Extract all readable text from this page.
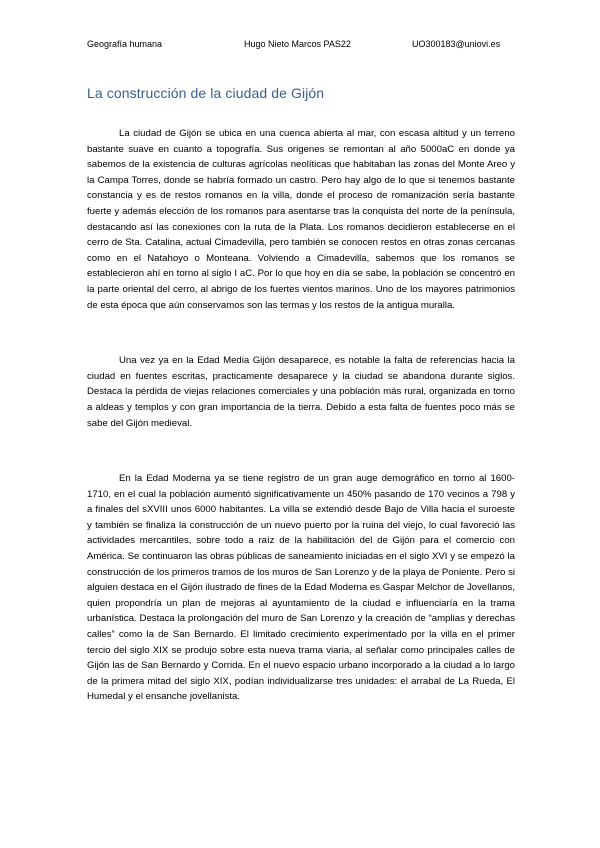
Geografía humana	Hugo Nieto Marcos PAS22	UO300183@uniovi.es
La construcción de la ciudad de Gijón

La ciudad de Gijón se ubica en una cuenca abierta al mar, con escasa altitud y un terreno bastante suave en cuanto a topografía. Sus origenes se remontan al año 5000aC en donde ya sabemos de la existencia de culturas agrícolas neolíticas que habitaban las zonas del Monte Areo y la Campa Torres, donde se habría formado un castro. Pero hay algo de lo que si tenemos bastante constancia y es de restos romanos en la villa, donde el proceso de romanización sería bastante fuerte y además elección de los romanos para asentarse tras la conquista del norte de la península, destacando así las conexiones con la ruta de la Plata. Los romanos decidieron establecerse en el cerro de Sta. Catalina, actual Cimadevilla, pero también se conocen restos en otras zonas cercanas como en el Natahoyo o Monteana. Volviendo a Cimadevilla, sabemos que los romanos se establecieron ahí en torno al siglo I aC. Por lo que hoy en día se sabe, la población se concentró en la parte oriental del cerro, al abrigo de los fuertes vientos marinos. Uno de los mayores patrimonios de esta época que aún conservamos son las termas y los restos de la antigua muralla.

Una vez ya en la Edad Media Gijón desaparece, es notable la falta de referencias hacia la ciudad en fuentes escritas, practicamente desaparece y la ciudad se abandona durante siglos. Destaca la pérdida de viejas relaciones comerciales y una población más rural, organizada en torno a aldeas y templos y con gran importancia de la tierra. Debido a esta falta de fuentes poco más se sabe del Gijón medieval.

En la Edad Moderna ya se tiene registro de un gran auge demográfico en torno al 1600-1710, en el cual la población aumentó significativamente un 450% pasando de 170 vecinos a 798 y a finales del sXVIII unos 6000 habitantes. La villa se extendió desde Bajo de Villa hacia el suroeste y también se finaliza la construcción de un nuevo puerto por la ruina del viejo, lo cual favoreció las actividades mercantiles, sobre todo a raíz de la habilitación del de Gijón para el comercio con América. Se continuaron las obras públicas de saneamiento iniciadas en el siglo XVI y se empezó la construcción de los primeros tramos de los muros de San Lorenzo y de la playa de Poniente. Pero si alguien destaca en el Gijón ilustrado de fines de la Edad Moderna es Gaspar Melchor de Jovellanos, quien propondría un plan de mejoras al ayuntamiento de la ciudad e influenciaría en la trama urbanística. Destaca la prolongación del muro de San Lorenzo y la creación de “amplias y derechas calles” como la de San Bernardo. El limitado crecimiento experimentado por la villa en el primer tercio del siglo XIX se produjo sobre esta nueva trama viaria, al señalar como principales calles de Gijón las de San Bernardo y Corrida. En el nuevo espacio urbano incorporado a la ciudad a lo largo de la primera mitad del siglo XIX, podían individualizarse tres unidades: el arrabal de La Rueda, El Humedal y el ensanche jovellanista.
